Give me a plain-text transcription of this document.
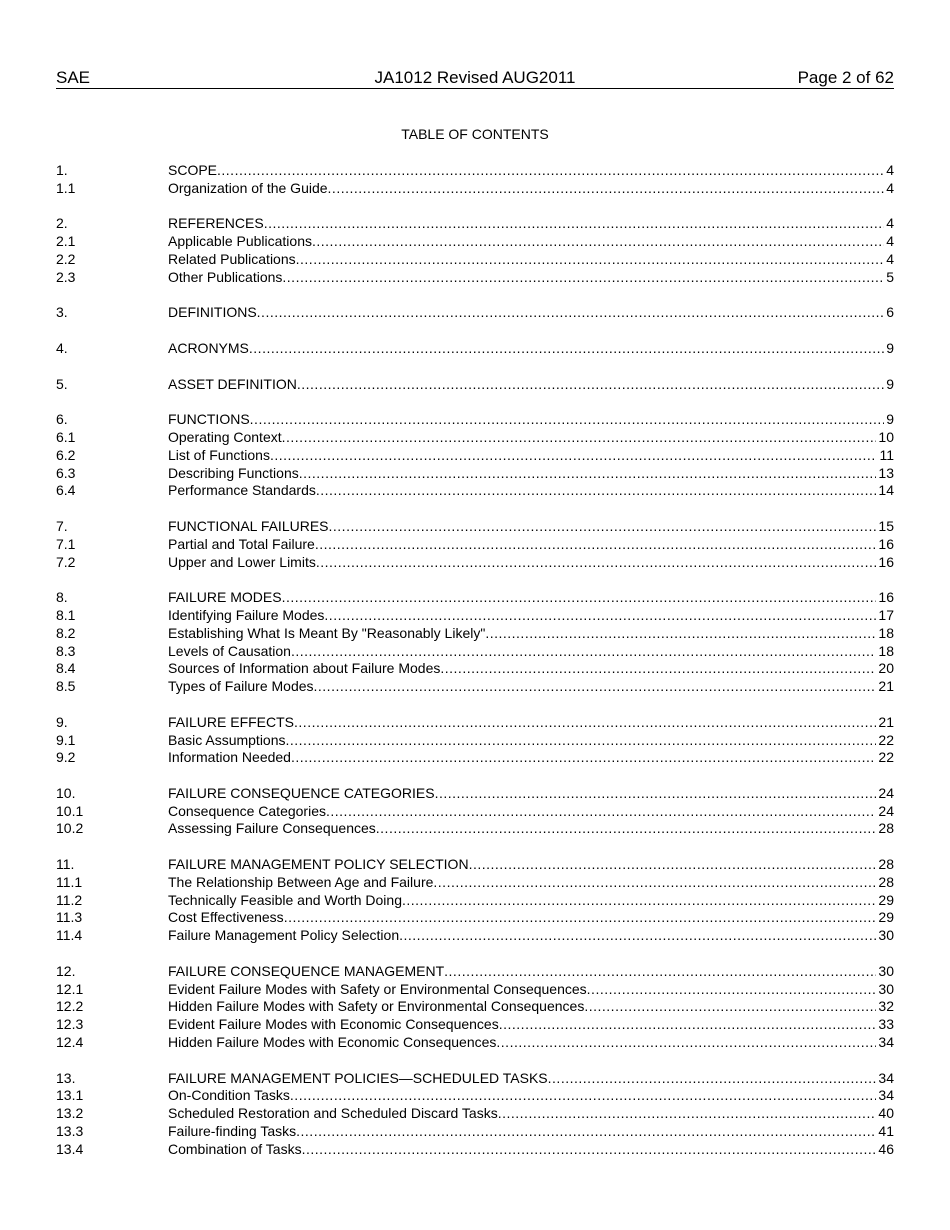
SAE	JA1012 Revised AUG2011	Page 2 of 62
TABLE OF CONTENTS
1.	SCOPE .....	4
1.1	Organization of the Guide .....	4
2.	REFERENCES .....	4
2.1	Applicable Publications .....	4
2.2	Related Publications .....	4
2.3	Other Publications .....	5
3.	DEFINITIONS .....	6
4.	ACRONYMS .....	9
5.	ASSET DEFINITION .....	9
6.	FUNCTIONS .....	9
6.1	Operating Context .....	10
6.2	List of Functions .....	11
6.3	Describing Functions .....	13
6.4	Performance Standards .....	14
7.	FUNCTIONAL FAILURES .....	15
7.1	Partial and Total Failure .....	16
7.2	Upper and Lower Limits .....	16
8.	FAILURE MODES .....	16
8.1	Identifying Failure Modes .....	17
8.2	Establishing What Is Meant By "Reasonably Likely" .....	18
8.3	Levels of Causation .....	18
8.4	Sources of Information about Failure Modes .....	20
8.5	Types of Failure Modes .....	21
9.	FAILURE EFFECTS .....	21
9.1	Basic Assumptions .....	22
9.2	Information Needed .....	22
10.	FAILURE CONSEQUENCE CATEGORIES .....	24
10.1	Consequence Categories .....	24
10.2	Assessing Failure Consequences .....	28
11.	FAILURE MANAGEMENT POLICY SELECTION .....	28
11.1	The Relationship Between Age and Failure .....	28
11.2	Technically Feasible and Worth Doing .....	29
11.3	Cost Effectiveness .....	29
11.4	Failure Management Policy Selection .....	30
12.	FAILURE CONSEQUENCE MANAGEMENT .....	30
12.1	Evident Failure Modes with Safety or Environmental Consequences .....	30
12.2	Hidden Failure Modes with Safety or Environmental Consequences .....	32
12.3	Evident Failure Modes with Economic Consequences .....	33
12.4	Hidden Failure Modes with Economic Consequences .....	34
13.	FAILURE MANAGEMENT POLICIES—SCHEDULED TASKS .....	34
13.1	On-Condition Tasks .....	34
13.2	Scheduled Restoration and Scheduled Discard Tasks .....	40
13.3	Failure-finding Tasks .....	41
13.4	Combination of Tasks .....	46
